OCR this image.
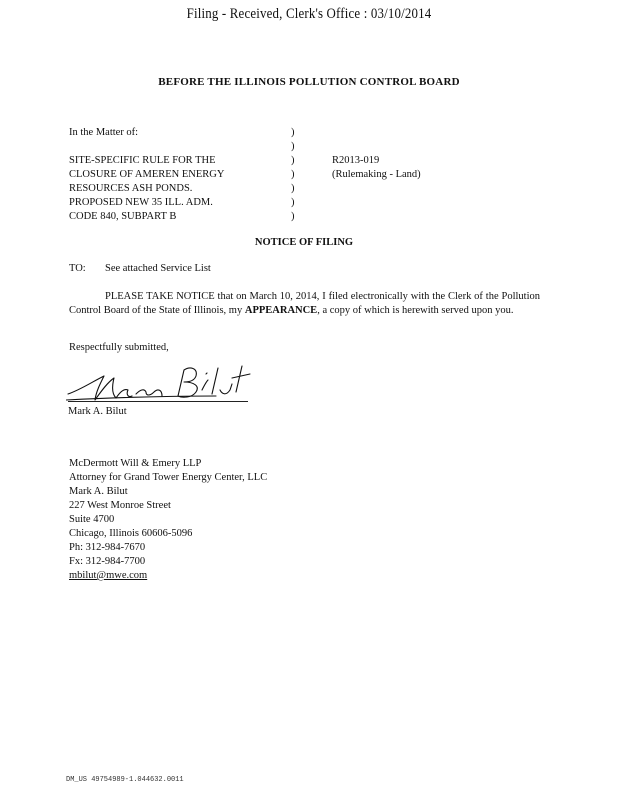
Filing - Received, Clerk's Office : 03/10/2014
BEFORE THE ILLINOIS POLLUTION CONTROL BOARD
In the Matter of:
SITE-SPECIFIC RULE FOR THE
CLOSURE OF AMEREN ENERGY
RESOURCES ASH PONDS.
PROPOSED NEW 35 ILL. ADM.
CODE 840, SUBPART B
)
)
)
)
)
)
)
R2013-019
(Rulemaking - Land)
NOTICE OF FILING
TO: See attached Service List
PLEASE TAKE NOTICE that on March 10, 2014, I filed electronically with the Clerk of the Pollution Control Board of the State of Illinois, my APPEARANCE, a copy of which is herewith served upon you.
Respectfully submitted,
Mark A. Bilut
McDermott Will & Emery LLP
Attorney for Grand Tower Energy Center, LLC
Mark A. Bilut
227 West Monroe Street
Suite 4700
Chicago, Illinois 60606-5096
Ph: 312-984-7670
Fx: 312-984-7700
mbilut@mwe.com
DM_US 49754989-1.044632.0011
